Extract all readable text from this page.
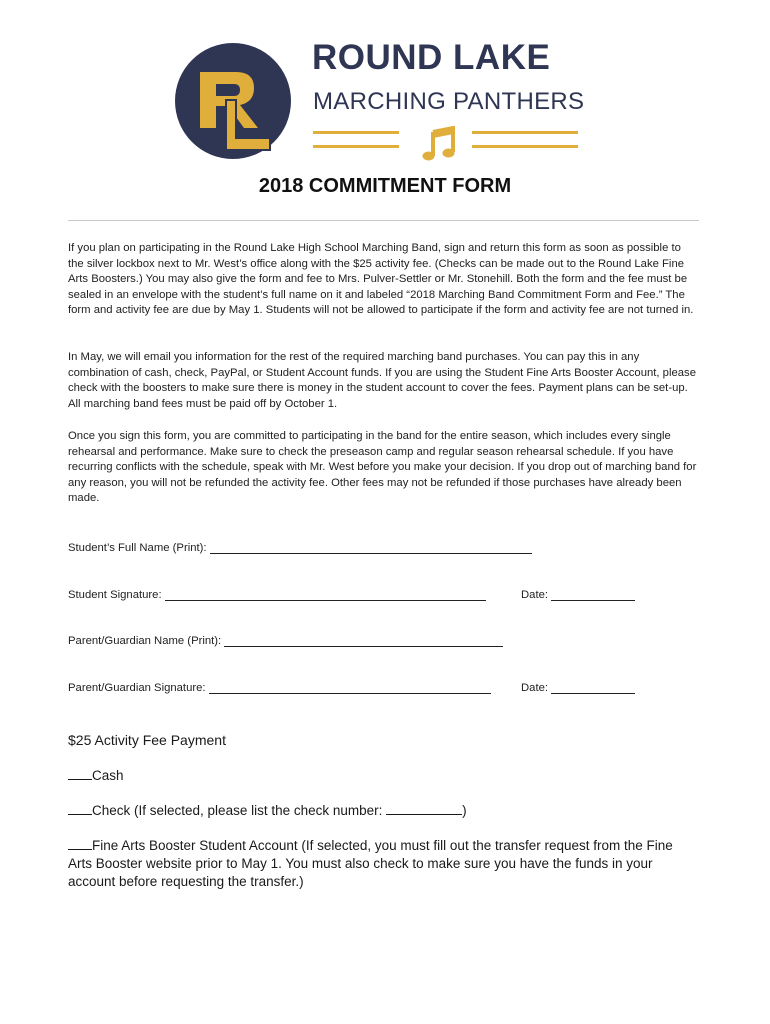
ROUND LAKE
MARCHING PANTHERS
2018 COMMITMENT FORM

If you plan on participating in the Round Lake High School Marching Band, sign and return this form as soon as possible to the silver lockbox next to Mr. West’s office along with the $25 activity fee. (Checks can be made out to the Round Lake Fine Arts Boosters.) You may also give the form and fee to Mrs. Pulver-Settler or Mr. Stonehill. Both the form and the fee must be sealed in an envelope with the student’s full name on it and labeled “2018 Marching Band Commitment Form and Fee.” The form and activity fee are due by May 1. Students will not be allowed to participate if the form and activity fee are not turned in.

In May, we will email you information for the rest of the required marching band purchases. You can pay this in any combination of cash, check, PayPal, or Student Account funds. If you are using the Student Fine Arts Booster Account, please check with the boosters to make sure there is money in the student account to cover the fees. Payment plans can be set-up. All marching band fees must be paid off by October 1.

Once you sign this form, you are committed to participating in the band for the entire season, which includes every single rehearsal and performance. Make sure to check the preseason camp and regular season rehearsal schedule. If you have recurring conflicts with the schedule, speak with Mr. West before you make your decision. If you drop out of marching band for any reason, you will not be refunded the activity fee. Other fees may not be refunded if those purchases have already been made.

Student’s Full Name (Print):
Student Signature:	Date:
Parent/Guardian Name (Print):
Parent/Guardian Signature:	Date:
$25 Activity Fee Payment
Cash
Check (If selected, please list the check number:	)
Fine Arts Booster Student Account (If selected, you must fill out the transfer request from the Fine Arts Booster website prior to May 1. You must also check to make sure you have the funds in your account before requesting the transfer.)
